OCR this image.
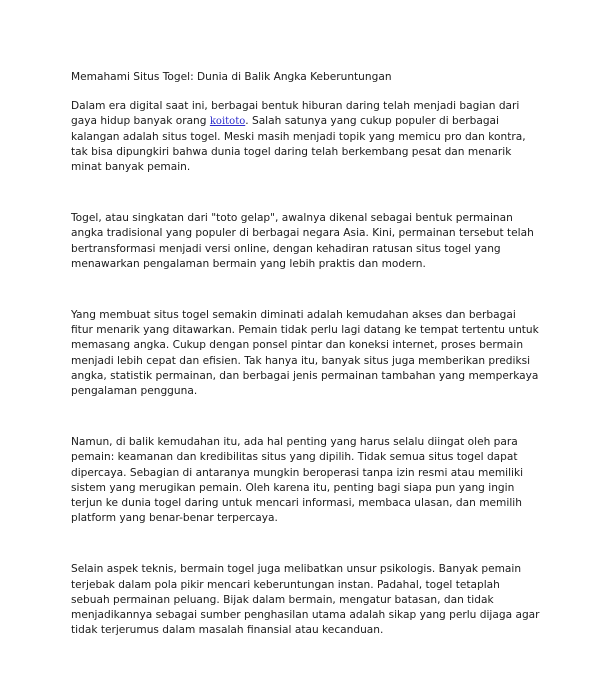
Memahami Situs Togel: Dunia di Balik Angka Keberuntungan

Dalam era digital saat ini, berbagai bentuk hiburan daring telah menjadi bagian dari gaya hidup banyak orang koitoto. Salah satunya yang cukup populer di berbagai kalangan adalah situs togel. Meski masih menjadi topik yang memicu pro dan kontra, tak bisa dipungkiri bahwa dunia togel daring telah berkembang pesat dan menarik minat banyak pemain.

Togel, atau singkatan dari "toto gelap", awalnya dikenal sebagai bentuk permainan angka tradisional yang populer di berbagai negara Asia. Kini, permainan tersebut telah bertransformasi menjadi versi online, dengan kehadiran ratusan situs togel yang menawarkan pengalaman bermain yang lebih praktis dan modern.

Yang membuat situs togel semakin diminati adalah kemudahan akses dan berbagai fitur menarik yang ditawarkan. Pemain tidak perlu lagi datang ke tempat tertentu untuk memasang angka. Cukup dengan ponsel pintar dan koneksi internet, proses bermain menjadi lebih cepat dan efisien. Tak hanya itu, banyak situs juga memberikan prediksi angka, statistik permainan, dan berbagai jenis permainan tambahan yang memperkaya pengalaman pengguna.

Namun, di balik kemudahan itu, ada hal penting yang harus selalu diingat oleh para pemain: keamanan dan kredibilitas situs yang dipilih. Tidak semua situs togel dapat dipercaya. Sebagian di antaranya mungkin beroperasi tanpa izin resmi atau memiliki sistem yang merugikan pemain. Oleh karena itu, penting bagi siapa pun yang ingin terjun ke dunia togel daring untuk mencari informasi, membaca ulasan, dan memilih platform yang benar-benar terpercaya.

Selain aspek teknis, bermain togel juga melibatkan unsur psikologis. Banyak pemain terjebak dalam pola pikir mencari keberuntungan instan. Padahal, togel tetaplah sebuah permainan peluang. Bijak dalam bermain, mengatur batasan, dan tidak menjadikannya sebagai sumber penghasilan utama adalah sikap yang perlu dijaga agar tidak terjerumus dalam masalah finansial atau kecanduan.
